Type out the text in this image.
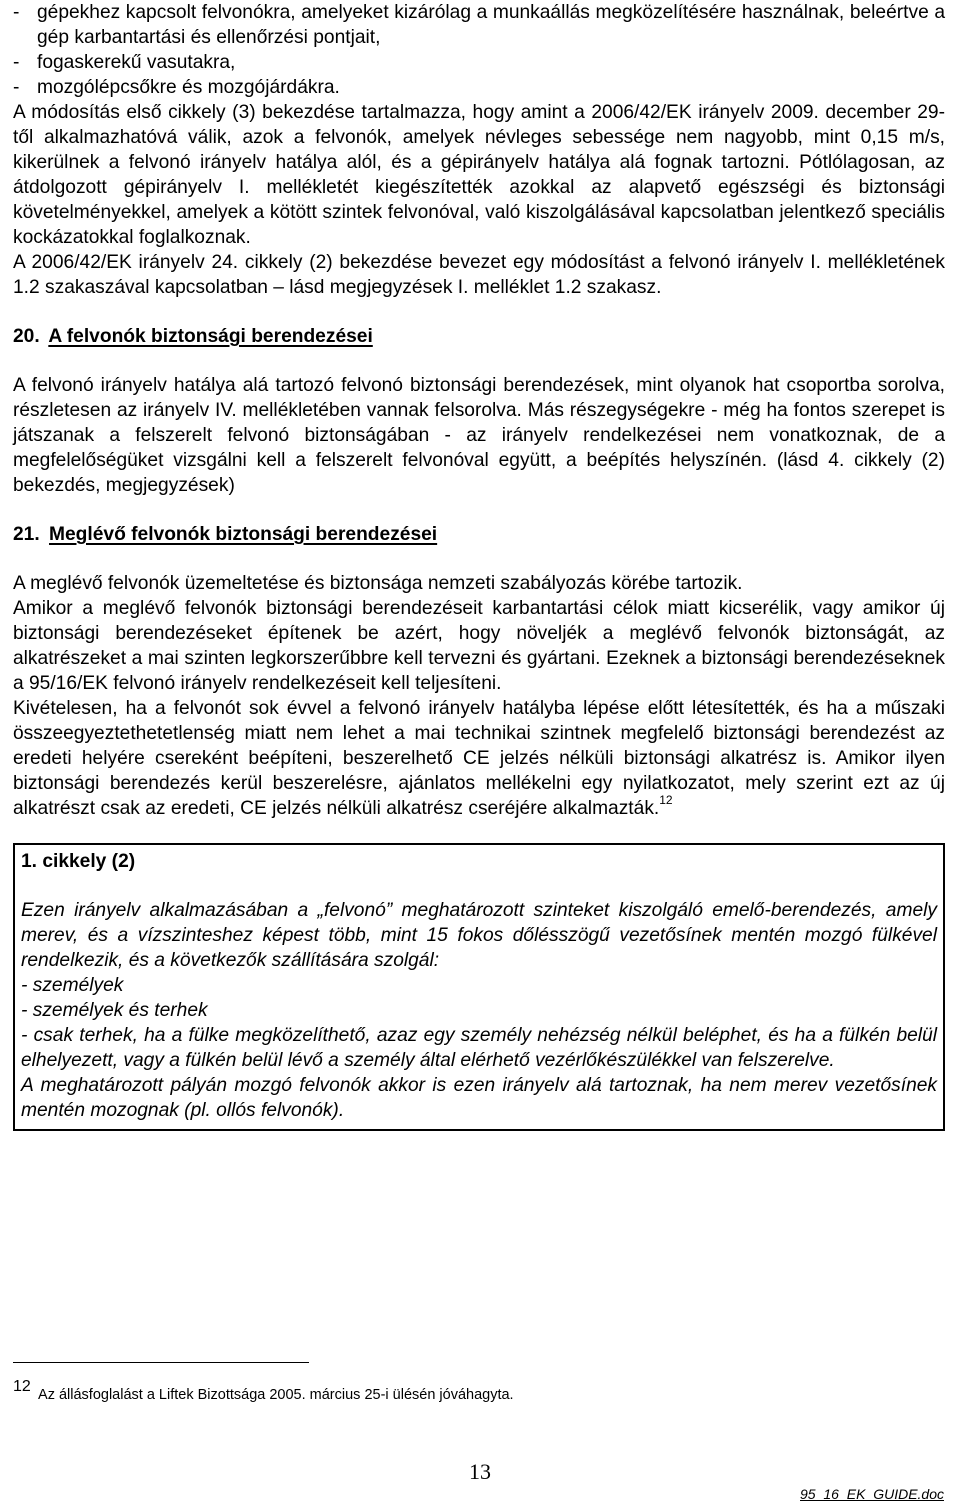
- gépekhez kapcsolt felvonókra, amelyeket kizárólag a munkaállás megközelítésére használnak, beleértve a gép karbantartási és ellenőrzési pontjait,
- fogaskerekű vasutakra,
- mozgólépcsőkre és mozgójárdákra.

A módosítás első cikkely (3) bekezdése tartalmazza, hogy amint a 2006/42/EK irányelv 2009. december 29-től alkalmazhatóvá válik, azok a felvonók, amelyek névleges sebessége nem nagyobb, mint 0,15 m/s, kikerülnek a felvonó irányelv hatálya alól, és a gépirányelv hatálya alá fognak tartozni. Pótlólagosan, az átdolgozott gépirányelv I. mellékletét kiegészítették azokkal az alapvető egészségi és biztonsági követelményekkel, amelyek a kötött szintek felvonóval, való kiszolgálásával kapcsolatban jelentkező speciális kockázatokkal foglalkoznak.

A 2006/42/EK irányelv 24. cikkely (2) bekezdése bevezet egy módosítást a felvonó irányelv I. mellékletének 1.2 szakaszával kapcsolatban – lásd megjegyzések I. melléklet 1.2 szakasz.

20. A felvonók biztonsági berendezései

A felvonó irányelv hatálya alá tartozó felvonó biztonsági berendezések, mint olyanok hat csoportba sorolva, részletesen az irányelv IV. mellékletében vannak felsorolva. Más részegységekre - még ha fontos szerepet is játszanak a felszerelt felvonó biztonságában - az irányelv rendelkezései nem vonatkoznak, de a megfelelőségüket vizsgálni kell a felszerelt felvonóval együtt, a beépítés helyszínén. (lásd 4. cikkely (2) bekezdés, megjegyzések)

21. Meglévő felvonók biztonsági berendezései

A meglévő felvonók üzemeltetése és biztonsága nemzeti szabályozás körébe tartozik.

Amikor a meglévő felvonók biztonsági berendezéseit karbantartási célok miatt kicserélik, vagy amikor új biztonsági berendezéseket építenek be azért, hogy növeljék a meglévő felvonók biztonságát, az alkatrészeket a mai szinten legkorszerűbbre kell tervezni és gyártani. Ezeknek a biztonsági berendezéseknek a 95/16/EK felvonó irányelv rendelkezéseit kell teljesíteni.

Kivételesen, ha a felvonót sok évvel a felvonó irányelv hatályba lépése előtt létesítették, és ha a műszaki összeegyeztethetetlenség miatt nem lehet a mai technikai szintnek megfelelő biztonsági berendezést az eredeti helyére csereként beépíteni, beszerelhető CE jelzés nélküli biztonsági alkatrész is. Amikor ilyen biztonsági berendezés kerül beszerelésre, ajánlatos mellékelni egy nyilatkozatot, mely szerint ezt az új alkatrészt csak az eredeti, CE jelzés nélküli alkatrész cseréjére alkalmazták.$^{12}$

1. cikkely (2)

Ezen irányelv alkalmazásában a „felvonó” meghatározott szinteket kiszolgáló emelő-berendezés, amely merev, és a vízszinteshez képest több, mint 15 fokos dőlésszögű vezetősínek mentén mozgó fülkével rendelkezik, és a következők szállítására szolgál:

- személyek

- személyek és terhek

- csak terhek, ha a fülke megközelíthető, azaz egy személy nehézség nélkül beléphet, és ha a fülkén belül elhelyezett, vagy a fülkén belül lévő a személy által elérhető vezérlőkészülékkel van felszerelve.

A meghatározott pályán mozgó felvonók akkor is ezen irányelv alá tartoznak, ha nem merev vezetősínek mentén mozognak (pl. ollós felvonók).

12 Az állásfoglalást a Liftek Bizottsága 2005. március 25-i ülésén jóváhagyta.
13
95_16_EK_GUIDE.doc
